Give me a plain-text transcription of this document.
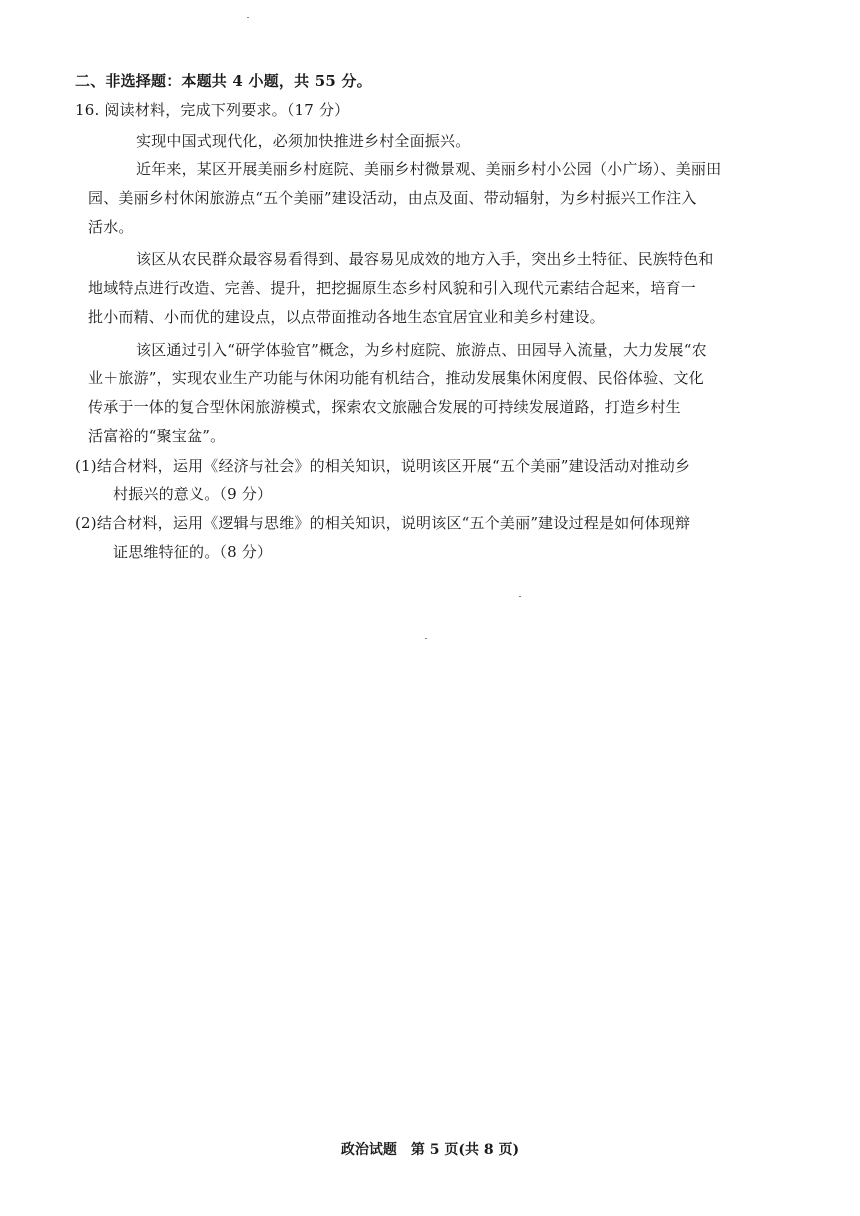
二、非选择题：本题共 4 小题，共 55 分。
16. 阅读材料，完成下列要求。（17 分）
实现中国式现代化，必须加快推进乡村全面振兴。
近年来，某区开展美丽乡村庭院、美丽乡村微景观、美丽乡村小公园（小广场）、美丽田
园、美丽乡村休闲旅游点“五个美丽”建设活动，由点及面、带动辐射，为乡村振兴工作注入
活水。
该区从农民群众最容易看得到、最容易见成效的地方入手，突出乡土特征、民族特色和
地域特点进行改造、完善、提升，把挖掘原生态乡村风貌和引入现代元素结合起来，培育一
批小而精、小而优的建设点，以点带面推动各地生态宜居宜业和美乡村建设。
该区通过引入“研学体验官”概念，为乡村庭院、旅游点、田园导入流量，大力发展“农
业＋旅游”，实现农业生产功能与休闲功能有机结合，推动发展集休闲度假、民俗体验、文化
传承于一体的复合型休闲旅游模式，探索农文旅融合发展的可持续发展道路，打造乡村生
活富裕的“聚宝盆”。
(1)结合材料，运用《经济与社会》的相关知识，说明该区开展“五个美丽”建设活动对推动乡
村振兴的意义。（9 分）
(2)结合材料，运用《逻辑与思维》的相关知识，说明该区“五个美丽”建设过程是如何体现辩
证思维特征的。（8 分）
政治试题　第 5 页(共 8 页)
